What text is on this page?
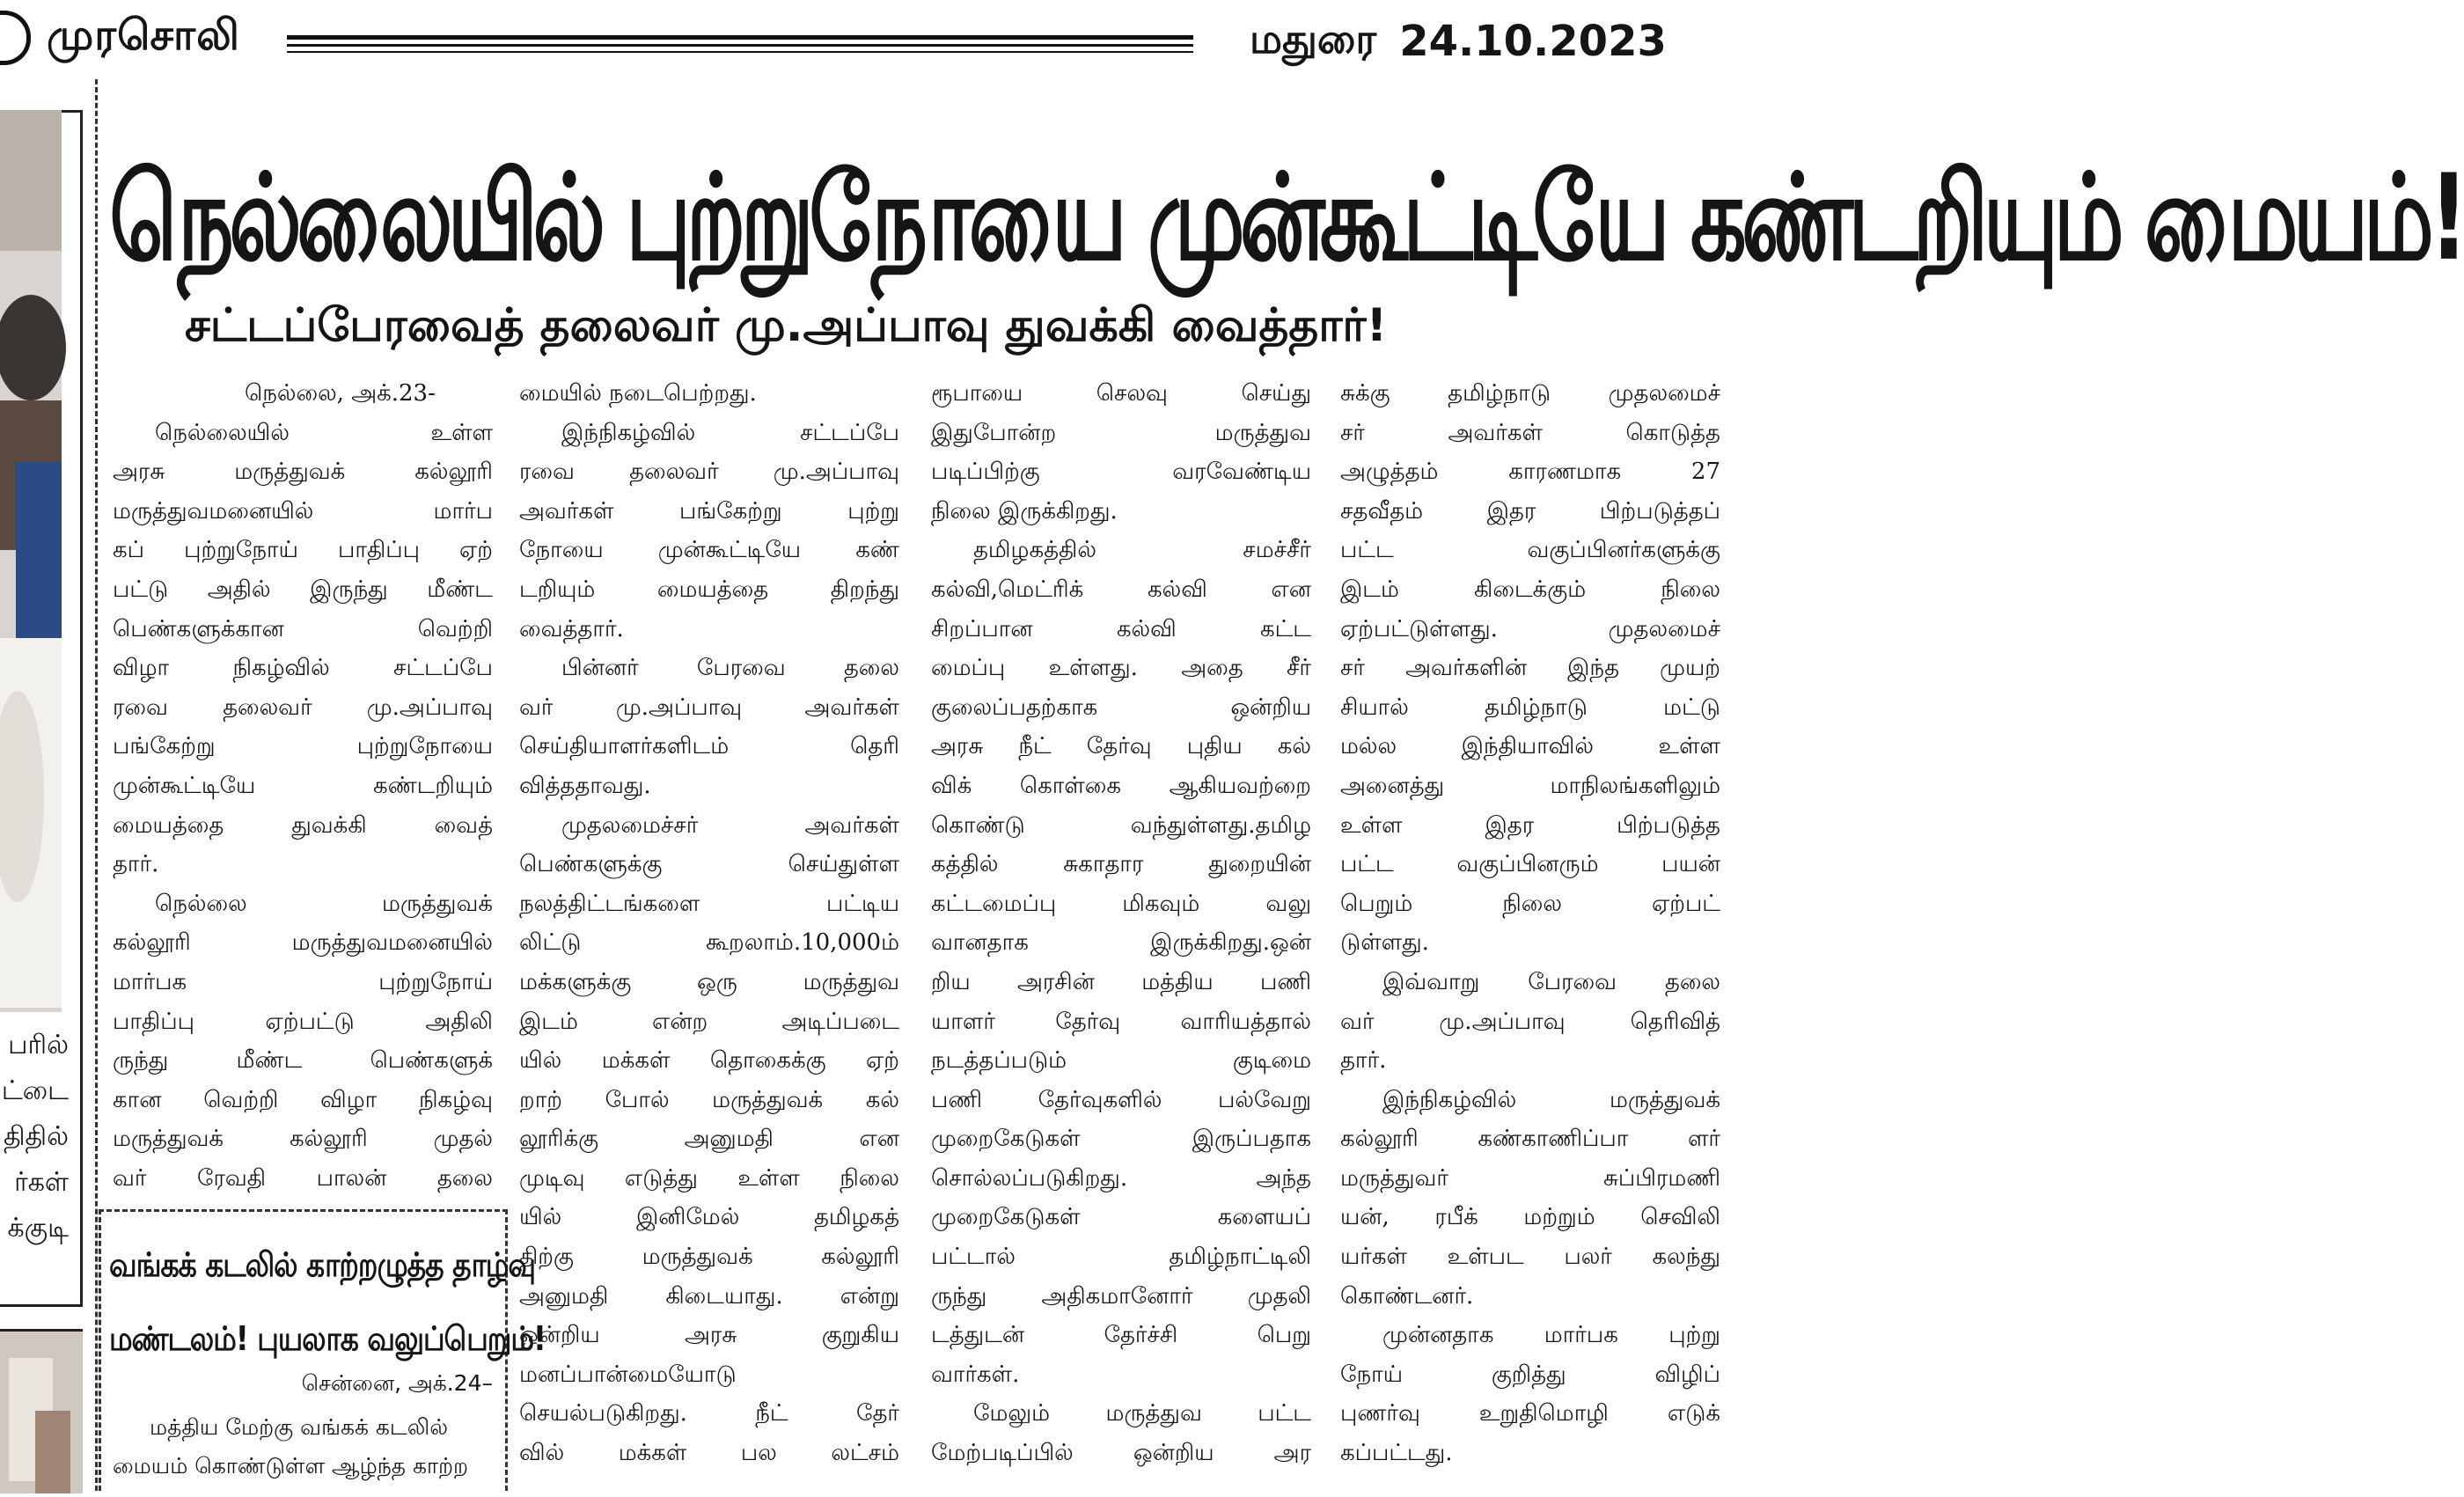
முரசொலி	மதுரை 24.10.2023
பரில்
ட்டை
திதில்
ர்கள்
க்குடி
நெல்லையில் புற்றுநோயை முன்கூட்டியே கண்டறியும் மையம்!
சட்டப்பேரவைத் தலைவர் மு.அப்பாவு துவக்கி வைத்தார்!
நெல்லை, அக்.23-
நெல்லையில் உள்ள
அரசு மருத்துவக் கல்லூரி
மருத்துவமனையில் மார்ப
கப் புற்றுநோய் பாதிப்பு ஏற்
பட்டு அதில் இருந்து மீண்ட
பெண்களுக்கான வெற்றி
விழா நிகழ்வில் சட்டப்பே
ரவை தலைவர் மு.அப்பாவு
பங்கேற்று புற்றுநோயை
முன்கூட்டியே கண்டறியும்
மையத்தை துவக்கி வைத்
தார்.
நெல்லை மருத்துவக்
கல்லூரி மருத்துவமனையில்
மார்பக புற்றுநோய்
பாதிப்பு ஏற்பட்டு அதிலி
ருந்து மீண்ட பெண்களுக்
கான வெற்றி விழா நிகழ்வு
மருத்துவக் கல்லூரி முதல்
வர் ரேவதி பாலன் தலை
மையில் நடைபெற்றது.
இந்நிகழ்வில் சட்டப்பே
ரவை தலைவர் மு.அப்பாவு
அவர்கள் பங்கேற்று புற்று
நோயை முன்கூட்டியே கண்
டறியும் மையத்தை திறந்து
வைத்தார்.
பின்னர் பேரவை தலை
வர் மு.அப்பாவு அவர்கள்
செய்தியாளர்களிடம் தெரி
வித்ததாவது.
முதலமைச்சர் அவர்கள்
பெண்களுக்கு செய்துள்ள
நலத்திட்டங்களை பட்டிய
லிட்டு கூறலாம்.10,000ம்
மக்களுக்கு ஒரு மருத்துவ
இடம் என்ற அடிப்படை
யில் மக்கள் தொகைக்கு ஏற்
றாற் போல் மருத்துவக் கல்
லூரிக்கு அனுமதி என
முடிவு எடுத்து உள்ள நிலை
யில் இனிமேல் தமிழகத்
திற்கு மருத்துவக் கல்லூரி
அனுமதி கிடையாது. என்று
ஒன்றிய அரசு குறுகிய
மனப்பான்மையோடு
செயல்படுகிறது. நீட் தேர்
வில் மக்கள் பல லட்சம்
ரூபாயை செலவு செய்து
இதுபோன்ற மருத்துவ
படிப்பிற்கு வரவேண்டிய
நிலை இருக்கிறது.
தமிழகத்தில் சமச்சீர்
கல்வி,மெட்ரிக் கல்வி என
சிறப்பான கல்வி கட்ட
மைப்பு உள்ளது. அதை சீர்
குலைப்பதற்காக ஒன்றிய
அரசு நீட் தேர்வு புதிய கல்
விக் கொள்கை ஆகியவற்றை
கொண்டு வந்துள்ளது.தமிழ
கத்தில் சுகாதார துறையின்
கட்டமைப்பு மிகவும் வலு
வானதாக இருக்கிறது.ஒன்
றிய அரசின் மத்திய பணி
யாளர் தேர்வு வாரியத்தால்
நடத்தப்படும் குடிமை
பணி தேர்வுகளில் பல்வேறு
முறைகேடுகள் இருப்பதாக
சொல்லப்படுகிறது. அந்த
முறைகேடுகள் களையப்
பட்டால் தமிழ்நாட்டிலி
ருந்து அதிகமானோர் முதலி
டத்துடன் தேர்ச்சி பெறு
வார்கள்.
மேலும் மருத்துவ பட்ட
மேற்படிப்பில் ஒன்றிய அர
சுக்கு தமிழ்நாடு முதலமைச்
சர் அவர்கள் கொடுத்த
அழுத்தம் காரணமாக 27
சதவீதம் இதர பிற்படுத்தப்
பட்ட வகுப்பினர்களுக்கு
இடம் கிடைக்கும் நிலை
ஏற்பட்டுள்ளது. முதலமைச்
சர் அவர்களின் இந்த முயற்
சியால் தமிழ்நாடு மட்டு
மல்ல இந்தியாவில் உள்ள
அனைத்து மாநிலங்களிலும்
உள்ள இதர பிற்படுத்த
பட்ட வகுப்பினரும் பயன்
பெறும் நிலை ஏற்பட்
டுள்ளது.
இவ்வாறு பேரவை தலை
வர் மு.அப்பாவு தெரிவித்
தார்.
இந்நிகழ்வில் மருத்துவக்
கல்லூரி கண்காணிப்பா ளர்
மருத்துவர் சுப்பிரமணி
யன், ரபீக் மற்றும் செவிலி
யர்கள் உள்பட பலர் கலந்து
கொண்டனர்.
முன்னதாக மார்பக புற்று
நோய் குறித்து விழிப்
புணர்வு உறுதிமொழி எடுக்
கப்பட்டது.
வங்கக் கடலில் காற்றழுத்த தாழ்வு
மண்டலம்! புயலாக வலுப்பெறும்!
சென்னை, அக்.24–
மத்திய மேற்கு வங்கக் கடலில்
மையம் கொண்டுள்ள ஆழ்ந்த காற்ற
